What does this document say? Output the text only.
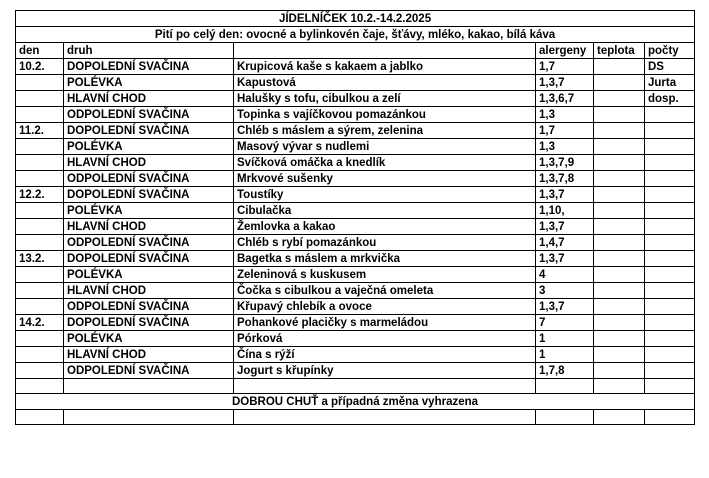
JÍDELNÍČEK 10.2.-14.2.2025					
Pití po celý den: ovocné a bylinkovén čaje, šťávy, mléko, kakao, bílá káva					
den	druh		alergeny	teplota	počty
10.2.	DOPOLEDNÍ SVAČINA	Krupicová kaše s kakaem a jablko	1,7		DS
	POLÉVKA	Kapustová	1,3,7		Jurta
	HLAVNÍ CHOD	Halušky s tofu, cibulkou a zelí	1,3,6,7		dosp.
	ODPOLEDNÍ SVAČINA	Topinka s vajíčkovou pomazánkou	1,3		
11.2.	DOPOLEDNÍ SVAČINA	Chléb s máslem a sýrem, zelenina	1,7		
	POLÉVKA	Masový vývar s nudlemi	1,3		
	HLAVNÍ CHOD	Svíčková omáčka a knedlík	1,3,7,9		
	ODPOLEDNÍ SVAČINA	Mrkvové sušenky	1,3,7,8		
12.2.	DOPOLEDNÍ SVAČINA	Toustíky	1,3,7		
	POLÉVKA	Cibulačka	1,10,		
	HLAVNÍ CHOD	Žemlovka a kakao	1,3,7		
	ODPOLEDNÍ SVAČINA	Chléb s rybí pomazánkou	1,4,7		
13.2.	DOPOLEDNÍ SVAČINA	Bagetka s máslem a mrkvička	1,3,7		
	POLÉVKA	Zeleninová s kuskusem	4		
	HLAVNÍ CHOD	Čočka s cibulkou a vaječná omeleta	3		
	ODPOLEDNÍ SVAČINA	Křupavý chlebík a ovoce	1,3,7		
14.2.	DOPOLEDNÍ SVAČINA	Pohankové placičky s marmeládou	7		
	POLÉVKA	Pórková	1		
	HLAVNÍ CHOD	Čína s rýží	1		
	ODPOLEDNÍ SVAČINA	Jogurt s křupínky	1,7,8		

DOBROU CHUŤ a případná změna vyhrazena					
